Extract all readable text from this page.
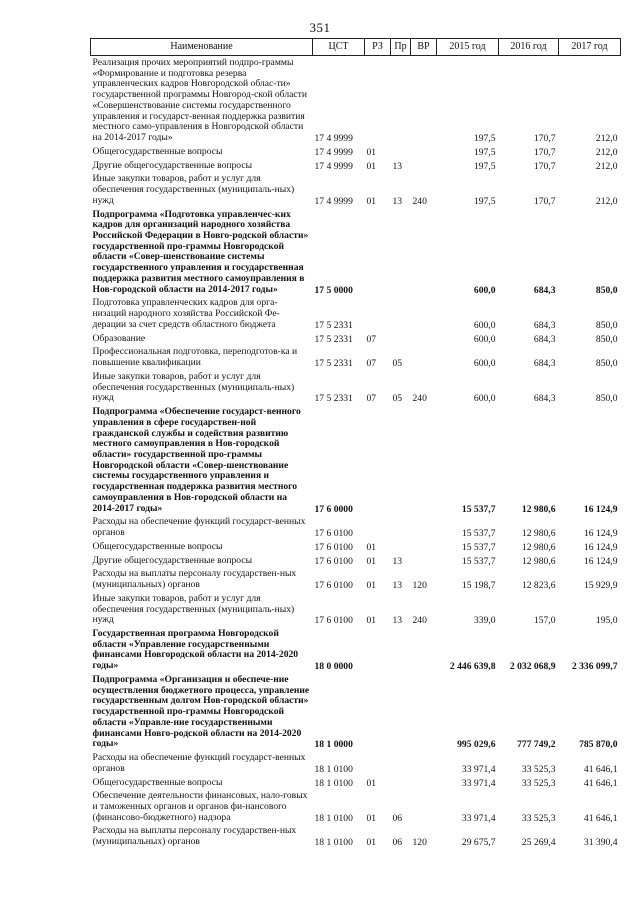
351
Наименование	ЦСТ	РЗ	Пр	ВР	2015 год	2016 год	2017 год
Реализация прочих мероприятий подпро-граммы «Формирование и подготовка резерва управленческих кадров Новгородской облас-ти» государственной программы Новгород-ской области «Совершенствование системы государственного управления и государст-венная поддержка развития местного само-управления в Новгородской области на 2014-2017 годы»	17 4 9999				197,5	170,7	212,0
Общегосударственные вопросы	17 4 9999	01			197,5	170,7	212,0
Другие общегосударственные вопросы	17 4 9999	01	13		197,5	170,7	212,0
Иные закупки товаров, работ и услуг для обеспечения государственных (муниципаль-ных) нужд	17 4 9999	01	13	240	197,5	170,7	212,0
Подпрограмма «Подготовка управленчес-ких кадров для организаций народного хозяйства Российской Федерации в Новго-родской области» государственной про-граммы Новгородской области «Совер-шенствование системы государственного управления и государственная поддержка развития местного самоуправления в Нов-городской области на 2014-2017 годы»	17 5 0000				600,0	684,3	850,0
Подготовка управленческих кадров для орга-низаций народного хозяйства Российской Фе-дерации за счет средств областного бюджета	17 5 2331				600,0	684,3	850,0
Образование	17 5 2331	07			600,0	684,3	850,0
Профессиональная подготовка, переподготов-ка и повышение квалификации	17 5 2331	07	05		600,0	684,3	850,0
Иные закупки товаров, работ и услуг для обеспечения государственных (муниципаль-ных) нужд	17 5 2331	07	05	240	600,0	684,3	850,0
Подпрограмма «Обеспечение государст-венного управления в сфере государствен-ной гражданской службы и содействия развитию местного самоуправления в Нов-городской области» государственной про-граммы Новгородской области «Совер-шенствование системы государственного управления и государственная поддержка развития местного самоуправления в Нов-городской области на 2014-2017 годы»	17 6 0000				15 537,7	12 980,6	16 124,9
Расходы на обеспечение функций государст-венных органов	17 6 0100				15 537,7	12 980,6	16 124,9
Общегосударственные вопросы	17 6 0100	01			15 537,7	12 980,6	16 124,9
Другие общегосударственные вопросы	17 6 0100	01	13		15 537,7	12 980,6	16 124,9
Расходы на выплаты персоналу государствен-ных (муниципальных) органов	17 6 0100	01	13	120	15 198,7	12 823,6	15 929,9
Иные закупки товаров, работ и услуг для обеспечения государственных (муниципаль-ных) нужд	17 6 0100	01	13	240	339,0	157,0	195,0
Государственная программа Новгородской области «Управление государственными финансами Новгородской области на 2014-2020 годы»	18 0 0000				2 446 639,8	2 032 068,9	2 336 099,7
Подпрограмма «Организация и обеспече-ние осуществления бюджетного процесса, управление государственным долгом Нов-городской области» государственной про-граммы Новгородской области «Управле-ние государственными финансами Новго-родской области на 2014-2020 годы»	18 1 0000				995 029,6	777 749,2	785 870,0
Расходы на обеспечение функций государст-венных органов	18 1 0100				33 971,4	33 525,3	41 646,1
Общегосударственные вопросы	18 1 0100	01			33 971,4	33 525,3	41 646,1
Обеспечение деятельности финансовых, нало-говых и таможенных органов и органов фи-нансового (финансово-бюджетного) надзора	18 1 0100	01	06		33 971,4	33 525,3	41 646,1
Расходы на выплаты персоналу государствен-ных (муниципальных) органов	18 1 0100	01	06	120	29 675,7	25 269,4	31 390,4
